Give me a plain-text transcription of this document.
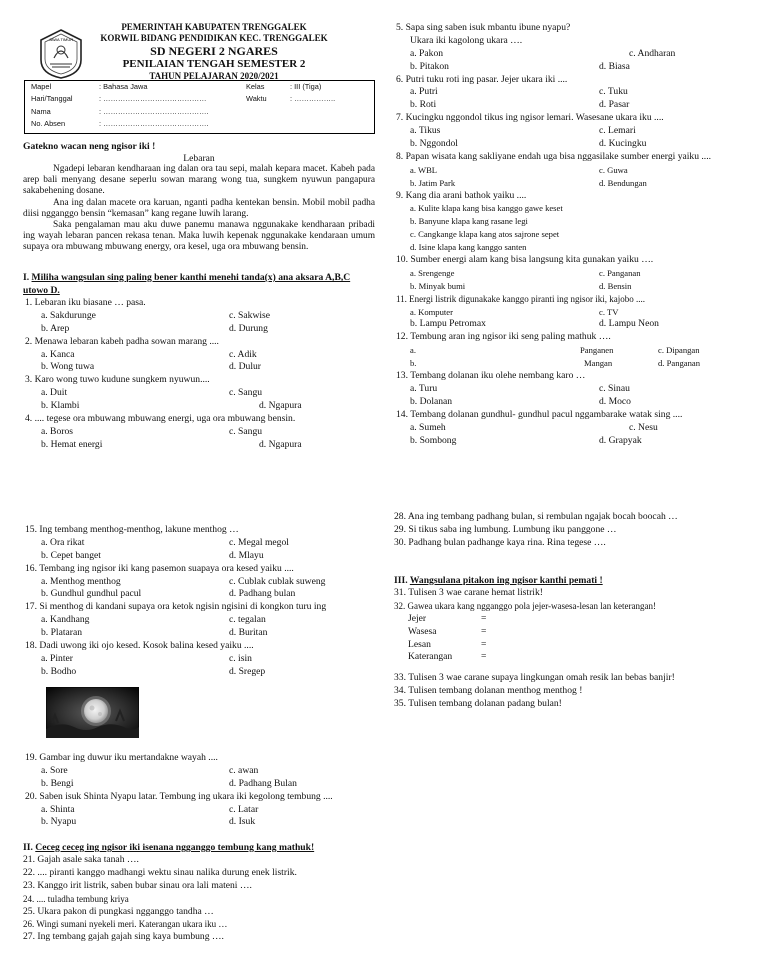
JAWA TIMUR
PEMERINTAH KABUPATEN TRENGGALEK
KORWIL BIDANG PENDIDIKAN KEC. TRENGGALEK
SD NEGERI 2 NGARES
PENILAIAN TENGAH SEMESTER 2
TAHUN PELAJARAN 2020/2021
Mapel	: Bahasa Jawa	Kelas	: III (Tiga)
Hari/Tanggal	: ……………………………………	Waktu	: ……………..
Nama	: …………………………………….
No. Absen	: …………………………………….
Gatekno wacan neng ngisor iki !
Lebaran

Ngadepi lebaran kendharaan ing dalan ora tau sepi, malah kepara macet. Kabeh pada arep bali menyang desane seperlu sowan marang wong tua, sungkem nyuwun pangapura sakabehening dosane.

Ana ing dalan macete ora karuan, nganti padha kentekan bensin. Mobil mobil padha diisi ngganggo bensin “kemasan” kang regane luwih larang.

Saka pengalaman mau aku duwe panemu manawa nggunakake kendharaan pribadi ing wayah lebaran pancen rekasa tenan. Maka luwih kepenak nggunakake kendaraan umum supaya ora mbuwang mbuwang energy, ora kesel, uga ora mbuwang bensin.

I. Miliha wangsulan sing paling bener kanthi menehi tanda(x) ana aksara A,B,C
utowo D.
1. Lebaran iku biasane … pasa.
a. Sakdurunge	c. Sakwise
b. Arep	d. Durung
2. Menawa lebaran kabeh padha sowan marang ....
a. Kanca	c. Adik
b. Wong tuwa	d. Dulur
3. Karo wong tuwo kudune sungkem nyuwun....
a. Duit	c. Sangu
b. Klambi	d. Ngapura
4. .... tegese ora mbuwang mbuwang energi, uga ora mbuwang bensin.
a. Boros	c. Sangu
b. Hemat energi	d. Ngapura
5. Sapa sing saben isuk mbantu ibune nyapu?
Ukara iki kagolong ukara ….
a. Pakon	c. Andharan
b. Pitakon	d. Biasa
6. Putri tuku roti ing pasar. Jejer ukara iki ....
a. Putri	c. Tuku
b. Roti	d. Pasar
7. Kucingku nggondol tikus ing ngisor lemari. Wasesane ukara iku ....
a. Tikus	c. Lemari
b. Nggondol	d. Kucingku
8. Papan wisata kang sakliyane endah uga bisa nggasilake sumber energi yaiku ....
a. WBL	c. Guwa
b. Jatim Park	d. Bendungan
9. Kang dia arani bathok yaiku ....
a. Kulite klapa kang bisa kanggo gawe keset
b. Banyune klapa kang rasane legi
c. Cangkange klapa kang atos sajrone sepet
d. Isine klapa kang kanggo santen
10. Sumber energi alam kang bisa langsung kita gunakan yaiku ….
a. Srengenge	c. Panganan
b. Minyak bumi	d. Bensin
11. Energi listrik digunakake kanggo piranti ing ngisor iki, kajobo ....
a. Komputer	c. TV
b. Lampu Petromax	d. Lampu Neon
12. Tembung aran ing ngisor iki seng paling mathuk ….
a.	Panganen	c. Dipangan
b.	Mangan	d. Panganan
13. Tembang dolanan iku olehe nembang karo …
a. Turu	c. Sinau
b. Dolanan	d. Moco
14. Tembang dolanan gundhul- gundhul pacul nggambarake watak sing ....
a. Sumeh	c. Nesu
b. Sombong	d. Grapyak
15. Ing tembang menthog-menthog, lakune menthog …
a. Ora rikat	c. Megal megol
b. Cepet banget	d. Mlayu
16. Tembang ing ngisor iki kang pasemon suapaya ora kesed yaiku ....
a. Menthog menthog	c. Cublak cublak suweng
b. Gundhul gundhul pacul	d. Padhang bulan
17. Si menthog di kandani supaya ora ketok ngisin ngisini di kongkon turu ing
a. Kandhang	c. tegalan
b. Plataran	d. Buritan
18. Dadi uwong iki ojo kesed. Kosok balina kesed yaiku ....
a. Pinter	c. isin
b. Bodho	d. Sregep
19. Gambar ing duwur iku mertandakne wayah ....
a. Sore	c. awan
b. Bengi	d. Padhang Bulan
20. Saben isuk Shinta Nyapu latar. Tembung ing ukara iki kegolong tembung ....
a. Shinta	c. Latar
b. Nyapu	d. Isuk
II. Ceceg ceceg ing ngisor iki isenana ngganggo tembung kang mathuk!
21. Gajah asale saka tanah ….
22. .... piranti kanggo madhangi wektu sinau nalika durung enek listrik.
23. Kanggo irit listrik, saben bubar sinau ora lali mateni ….
24. .... tuladha tembung kriya
25. Ukara pakon di pungkasi ngganggo tandha …
26. Wingi sumani nyekeli meri. Katerangan ukara iku …
27. Ing tembang gajah gajah sing kaya bumbung ….
28. Ana ing tembang padhang bulan, si rembulan ngajak bocah boocah …
29. Si tikus saba ing lumbung. Lumbung iku panggone …
30. Padhang bulan padhange kaya rina. Rina tegese ….
III. Wangsulana pitakon ing ngisor kanthi pemati !
31. Tulisen 3 wae carane hemat listrik!
32. Gawea ukara kang ngganggo pola jejer-wasesa-lesan lan keterangan!
Jejer	=
Wasesa	=
Lesan	=
Katerangan	=
33. Tulisen 3 wae carane supaya lingkungan omah resik lan bebas banjir!
34. Tulisen tembang dolanan menthog menthog !
35. Tulisen tembang dolanan padang bulan!
